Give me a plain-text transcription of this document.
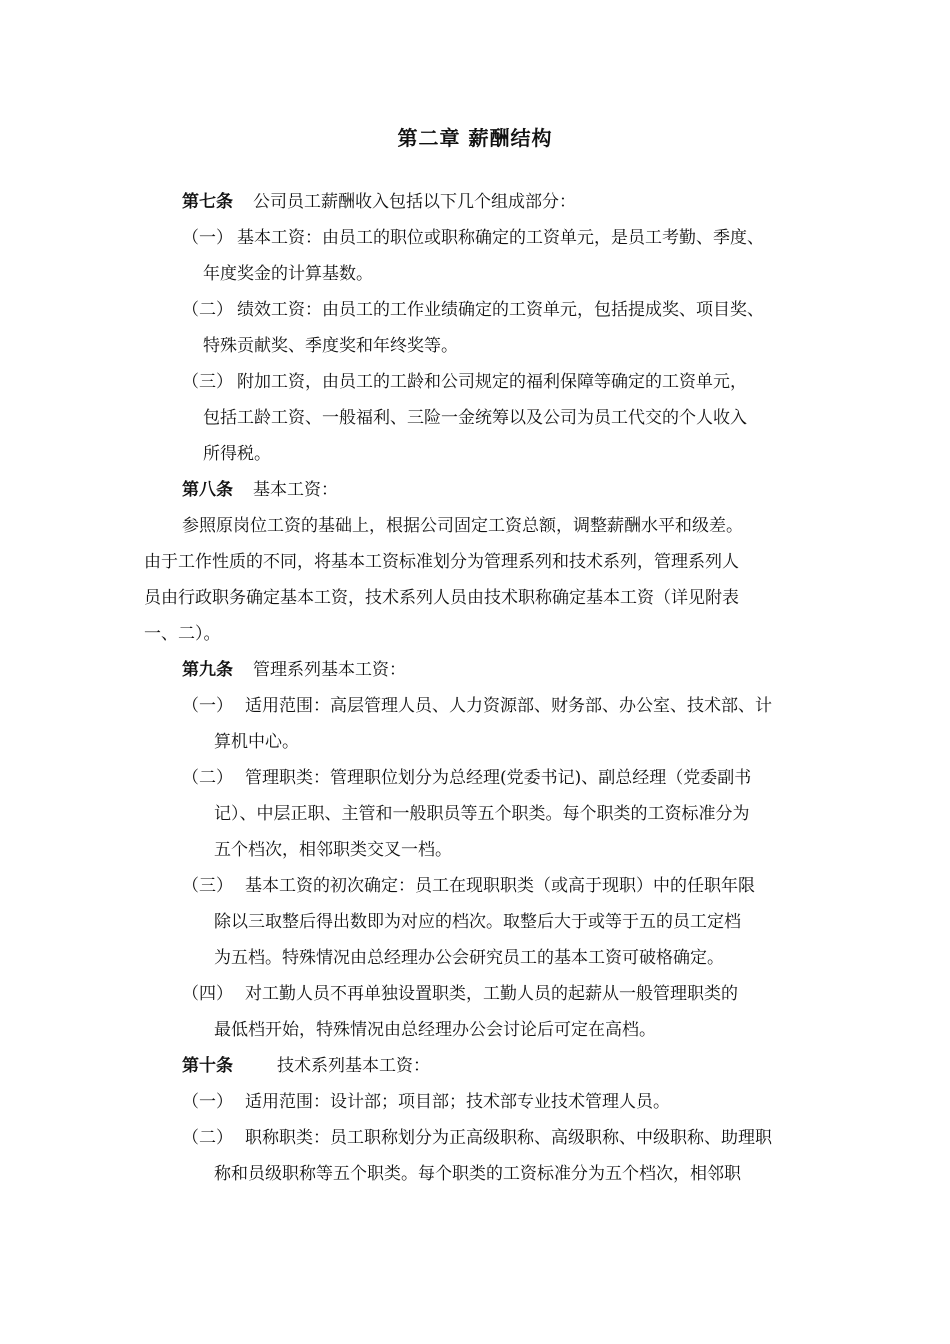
第二章 薪酬结构
第七条 公司员工薪酬收入包括以下几个组成部分：
（一） 基本工资：由员工的职位或职称确定的工资单元，是员工考勤、季度、
年度奖金的计算基数。
（二） 绩效工资：由员工的工作业绩确定的工资单元，包括提成奖、项目奖、
特殊贡献奖、季度奖和年终奖等。
（三） 附加工资，由员工的工龄和公司规定的福利保障等确定的工资单元，
包括工龄工资、一般福利、三险一金统筹以及公司为员工代交的个人收入
所得税。
第八条 基本工资：
参照原岗位工资的基础上，根据公司固定工资总额，调整薪酬水平和级差。
由于工作性质的不同，将基本工资标准划分为管理系列和技术系列，管理系列人
员由行政职务确定基本工资，技术系列人员由技术职称确定基本工资（详见附表
一、二）。
第九条 管理系列基本工资：
（一） 适用范围：高层管理人员、人力资源部、财务部、办公室、技术部、计
算机中心。
（二） 管理职类：管理职位划分为总经理(党委书记)、副总经理（党委副书
记）、中层正职、主管和一般职员等五个职类。每个职类的工资标准分为
五个档次，相邻职类交叉一档。
（三） 基本工资的初次确定：员工在现职职类（或高于现职）中的任职年限
除以三取整后得出数即为对应的档次。取整后大于或等于五的员工定档
为五档。特殊情况由总经理办公会研究员工的基本工资可破格确定。
（四） 对工勤人员不再单独设置职类，工勤人员的起薪从一般管理职类的
最低档开始，特殊情况由总经理办公会讨论后可定在高档。
第十条	技术系列基本工资：
（一） 适用范围：设计部；项目部；技术部专业技术管理人员。
（二） 职称职类：员工职称划分为正高级职称、高级职称、中级职称、助理职
称和员级职称等五个职类。每个职类的工资标准分为五个档次，相邻职
